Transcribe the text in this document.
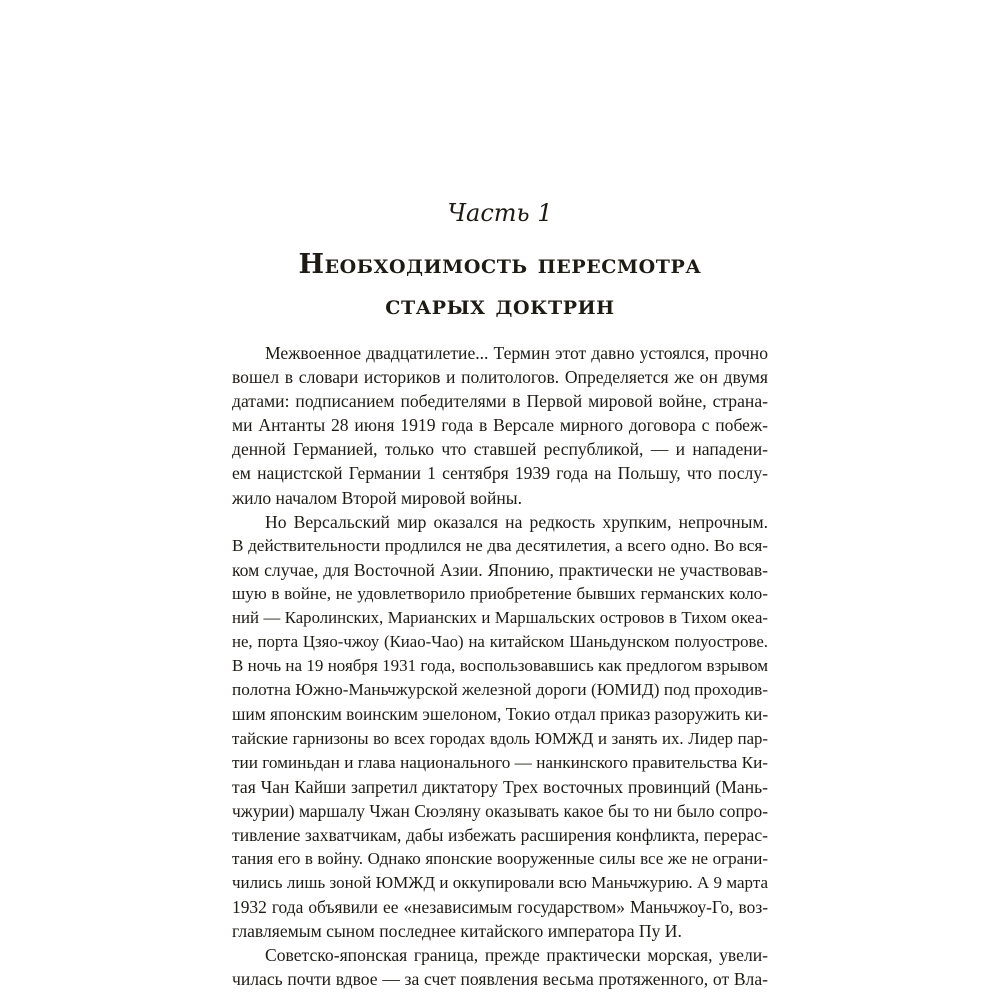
Часть 1
Необходимость пересмотра
старых доктрин
Межвоенное двадцатилетие... Термин этот давно устоялся, прочно
вошел в словари историков и политологов. Определяется же он двумя
датами: подписанием победителями в Первой мировой войне, страна-
ми Антанты 28 июня 1919 года в Версале мирного договора с побеж-
денной Германией, только что ставшей республикой, — и нападени-
ем нацистской Германии 1 сентября 1939 года на Польшу, что послу-
жило началом Второй мировой войны.
Но Версальский мир оказался на редкость хрупким, непрочным.
В действительности продлился не два десятилетия, а всего одно. Во вся-
ком случае, для Восточной Азии. Японию, практически не участвовав-
шую в войне, не удовлетворило приобретение бывших германских коло-
ний — Каролинских, Марианских и Маршальских островов в Тихом океа-
не, порта Цзяо-чжоу (Киао-Чао) на китайском Шаньдунском полуострове.
В ночь на 19 ноября 1931 года, воспользовавшись как предлогом взрывом
полотна Южно-Маньчжурской железной дороги (ЮМИД) под проходив-
шим японским воинским эшелоном, Токио отдал приказ разоружить ки-
тайские гарнизоны во всех городах вдоль ЮМЖД и занять их. Лидер пар-
тии гоминьдан и глава национального — нанкинского правительства Ки-
тая Чан Кайши запретил диктатору Трех восточных провинций (Мань-
чжурии) маршалу Чжан Сюэляну оказывать какое бы то ни было сопро-
тивление захватчикам, дабы избежать расширения конфликта, перерас-
тания его в войну. Однако японские вооруженные силы все же не ограни-
чились лишь зоной ЮМЖД и оккупировали всю Маньчжурию. А 9 марта
1932 года объявили ее «независимым государством» Маньчжоу-Го, воз-
главляемым сыном последнее китайского императора Пу И.
Советско-японская граница, прежде практически морская, увели-
чилась почти вдвое — за счет появления весьма протяженного, от Вла-
